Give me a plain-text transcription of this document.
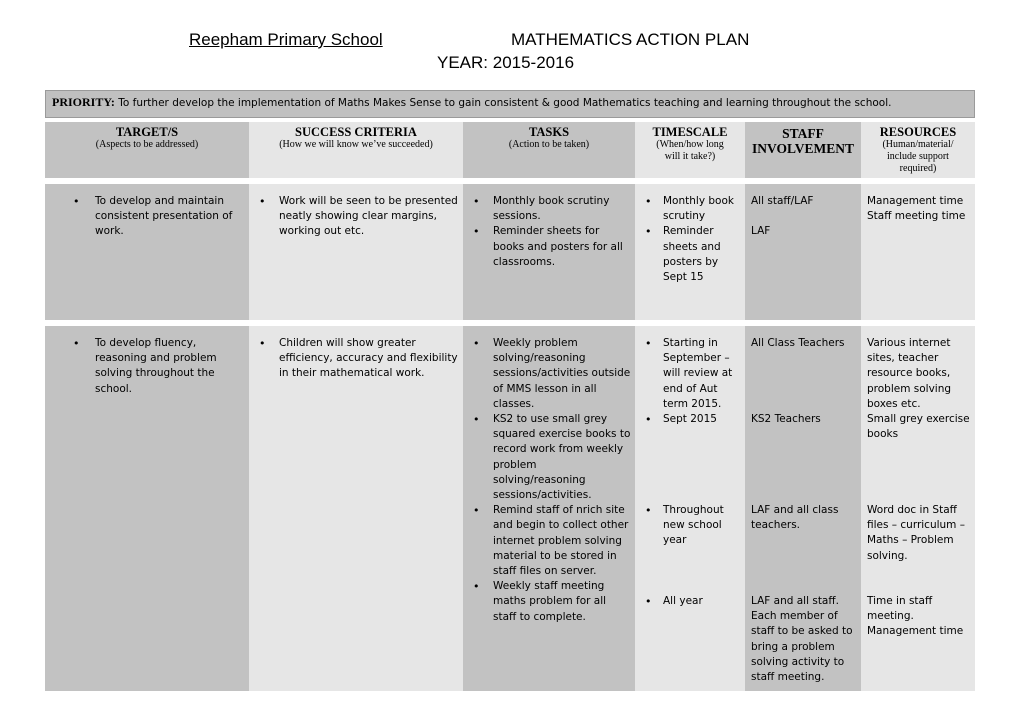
Reepham Primary School	MATHEMATICS ACTION PLAN
YEAR: 2015-2016
PRIORITY: To further develop the implementation of Maths Makes Sense to gain consistent & good Mathematics teaching and learning throughout the school.
TARGET/S
(Aspects to be addressed)
SUCCESS CRITERIA
(How we will know we’ve succeeded)
TASKS
(Action to be taken)
TIMESCALE
(When/how long will it take?)
STAFF INVOLVEMENT
RESOURCES
(Human/material/ include support required)
• To develop and maintain consistent presentation of work.
• Work will be seen to be presented neatly showing clear margins, working out etc.
• Monthly book scrutiny sessions.
• Reminder sheets for books and posters for all classrooms.
• Monthly book scrutiny
• Reminder sheets and posters by Sept 15
All staff/LAF
LAF
Management time
Staff meeting time
• To develop fluency, reasoning and problem solving throughout the school.
• Children will show greater efficiency, accuracy and flexibility in their mathematical work.
• Weekly problem solving/reasoning sessions/activities outside of MMS lesson in all classes.
• KS2 to use small grey squared exercise books to record work from weekly problem solving/reasoning sessions/activities.
• Remind staff of nrich site and begin to collect other internet problem solving material to be stored in staff files on server.
• Weekly staff meeting maths problem for all staff to complete.
• Starting in September – will review at end of Aut term 2015.
• Sept 2015
• Throughout new school year
• All year
All Class Teachers
KS2 Teachers
LAF and all class teachers.
LAF and all staff. Each member of staff to be asked to bring a problem solving activity to staff meeting.
Various internet sites, teacher resource books, problem solving boxes etc.
Small grey exercise books
Word doc in Staff files – curriculum – Maths – Problem solving.
Time in staff meeting. Management time
